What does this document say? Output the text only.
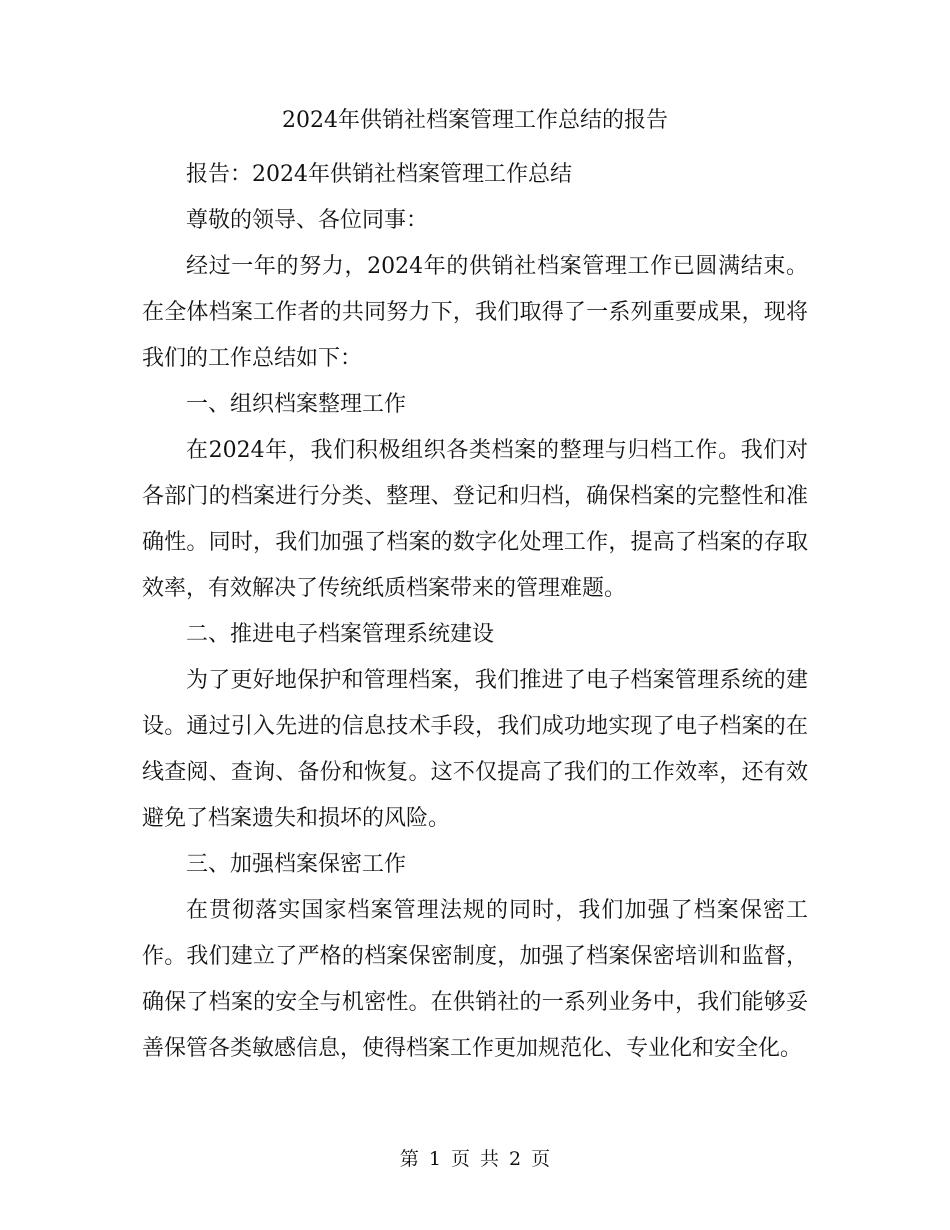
2024年供销社档案管理工作总结的报告

报告：2024年供销社档案管理工作总结

尊敬的领导、各位同事：

经过一年的努力，2024年的供销社档案管理工作已圆满结束。在全体档案工作者的共同努力下，我们取得了一系列重要成果，现将我们的工作总结如下：

一、组织档案整理工作

在2024年，我们积极组织各类档案的整理与归档工作。我们对各部门的档案进行分类、整理、登记和归档，确保档案的完整性和准确性。同时，我们加强了档案的数字化处理工作，提高了档案的存取效率，有效解决了传统纸质档案带来的管理难题。

二、推进电子档案管理系统建设

为了更好地保护和管理档案，我们推进了电子档案管理系统的建设。通过引入先进的信息技术手段，我们成功地实现了电子档案的在线查阅、查询、备份和恢复。这不仅提高了我们的工作效率，还有效避免了档案遗失和损坏的风险。

三、加强档案保密工作

在贯彻落实国家档案管理法规的同时，我们加强了档案保密工作。我们建立了严格的档案保密制度，加强了档案保密培训和监督，确保了档案的安全与机密性。在供销社的一系列业务中，我们能够妥善保管各类敏感信息，使得档案工作更加规范化、专业化和安全化。

第 1 页 共 2 页
